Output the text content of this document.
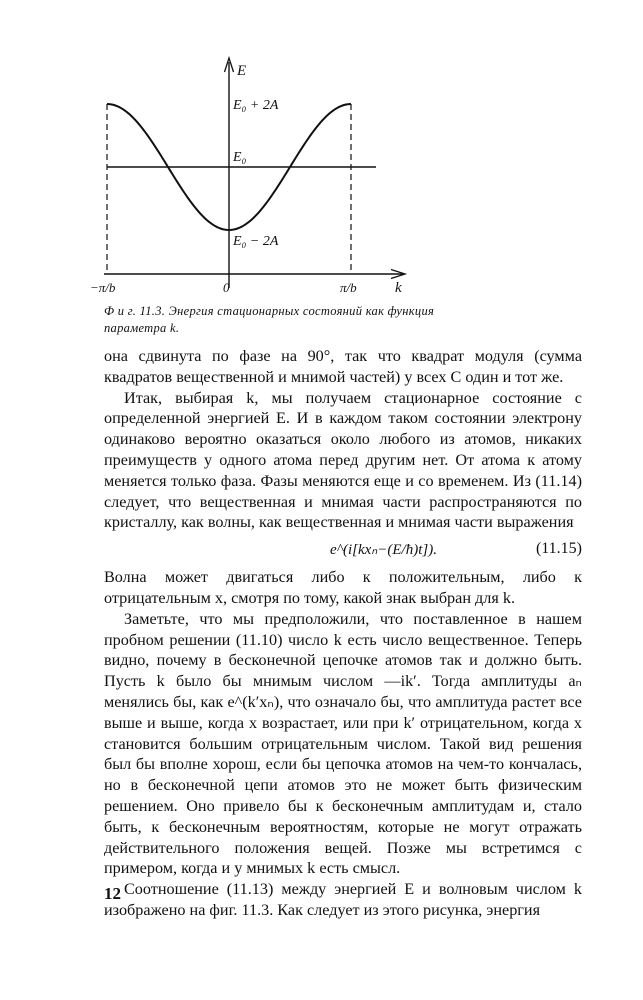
E
E₀ + 2A
E₀
E₀ − 2A
−π/b	0	π/b	k

Ф и г. 11.3. Энергия стационарных состояний как функция параметра k.

она сдвинута по фазе на 90°, так что квадрат модуля (сумма квадратов вещественной и мнимой частей) у всех C один и тот же.

Итак, выбирая k, мы получаем стационарное состояние с определенной энергией E. И в каждом таком состоянии электрону одинаково вероятно оказаться около любого из атомов, никаких преимуществ у одного атома перед другим нет. От атома к атому меняется только фаза. Фазы меняются еще и со временем. Из (11.14) следует, что вещественная и мнимая части распространяются по кристаллу, как волны, как вещественная и мнимая части выражения

e^(i[kxₙ−(E/ħ)t]).	(11.15)

Волна может двигаться либо к положительным, либо к отрицательным x, смотря по тому, какой знак выбран для k.

Заметьте, что мы предположили, что поставленное в нашем пробном решении (11.10) число k есть число вещественное. Теперь видно, почему в бесконечной цепочке атомов так и должно быть. Пусть k было бы мнимым числом —ik′. Тогда амплитуды aₙ менялись бы, как e^(k′xₙ), что означало бы, что амплитуда растет все выше и выше, когда x возрастает, или при k′ отрицательном, когда x становится большим отрицательным числом. Такой вид решения был бы вполне хорош, если бы цепочка атомов на чем-то кончалась, но в бесконечной цепи атомов это не может быть физическим решением. Оно привело бы к бесконечным амплитудам и, стало быть, к бесконечным вероятностям, которые не могут отражать действительного положения вещей. Позже мы встретимся с примером, когда и у мнимых k есть смысл.

Соотношение (11.13) между энергией E и волновым числом k изображено на фиг. 11.3. Как следует из этого рисунка, энергия

12
